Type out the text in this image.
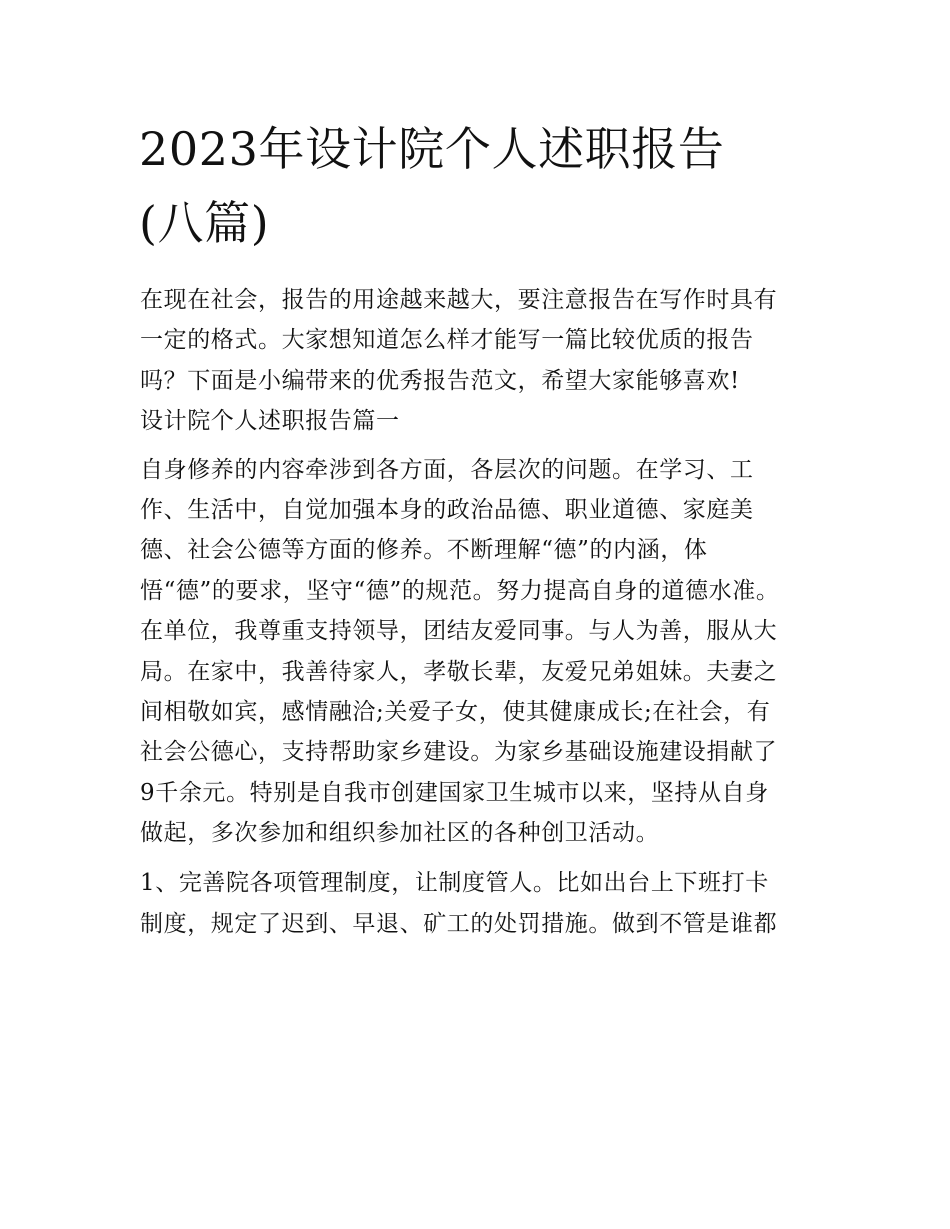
2023年设计院个人述职报告
(八篇)

在现在社会，报告的用途越来越大，要注意报告在写作时具有
一定的格式。大家想知道怎么样才能写一篇比较优质的报告
吗？下面是小编带来的优秀报告范文，希望大家能够喜欢!

设计院个人述职报告篇一

自身修养的内容牵涉到各方面，各层次的问题。在学习、工
作、生活中，自觉加强本身的政治品德、职业道德、家庭美
德、社会公德等方面的修养。不断理解“德”的内涵，体
悟“德”的要求，坚守“德”的规范。努力提高自身的道德水准。
在单位，我尊重支持领导，团结友爱同事。与人为善，服从大
局。在家中，我善待家人，孝敬长辈，友爱兄弟姐妹。夫妻之
间相敬如宾，感情融洽;关爱子女，使其健康成长;在社会，有
社会公德心，支持帮助家乡建设。为家乡基础设施建设捐献了
9千余元。特别是自我市创建国家卫生城市以来，坚持从自身
做起，多次参加和组织参加社区的各种创卫活动。

1、完善院各项管理制度，让制度管人。比如出台上下班打卡
制度，规定了迟到、早退、矿工的处罚措施。做到不管是谁都
